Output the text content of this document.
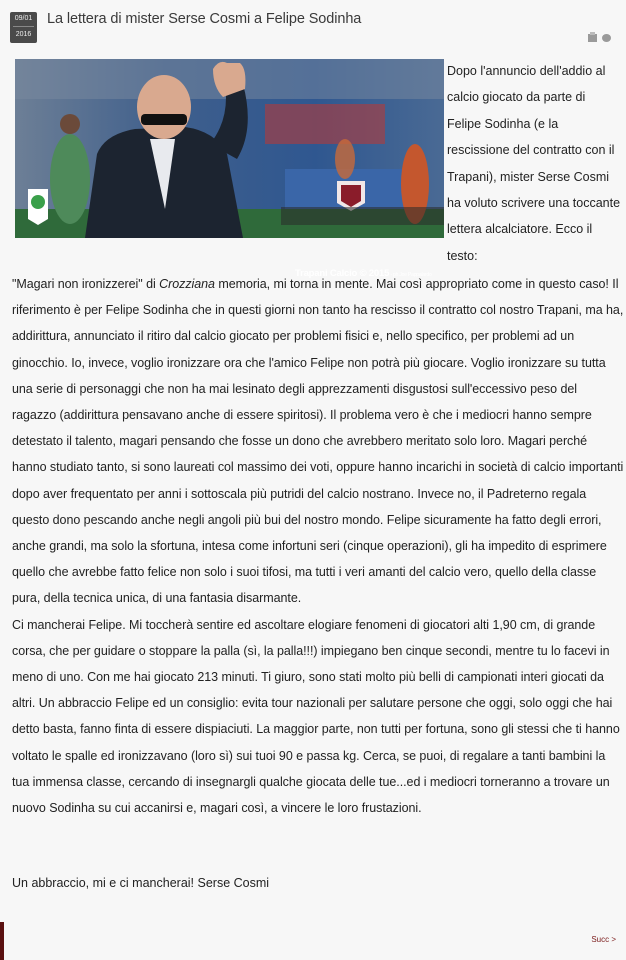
09/01
2016
La lettera di mister Serse Cosmi a Felipe Sodinha
Trapani Calcio © 2015 - ph Joe Pappalardo
Dopo l'annuncio dell'addio al calcio giocato da parte di Felipe Sodinha (e la rescissione del contratto con il Trapani), mister Serse Cosmi ha voluto scrivere una toccante lettera alcalciatore. Ecco il testo:

"Magari non ironizzerei" di Crozziana memoria, mi torna in mente. Mai così appropriato come in questo caso! Il riferimento è per Felipe Sodinha che in questi giorni non tanto ha rescisso il contratto col nostro Trapani, ma ha, addirittura, annunciato il ritiro dal calcio giocato per problemi fisici e, nello specifico, per problemi ad un ginocchio. Io, invece, voglio ironizzare ora che l'amico Felipe non potrà più giocare. Voglio ironizzare su tutta una serie di personaggi che non ha mai lesinato degli apprezzamenti disgustosi sull'eccessivo peso del ragazzo (addirittura pensavano anche di essere spiritosi). Il problema vero è che i mediocri hanno sempre detestato il talento, magari pensando che fosse un dono che avrebbero meritato solo loro. Magari perché hanno studiato tanto, si sono laureati col massimo dei voti, oppure hanno incarichi in società di calcio importanti dopo aver frequentato per anni i sottoscala più putridi del calcio nostrano. Invece no, il Padreterno regala questo dono pescando anche negli angoli più bui del nostro mondo. Felipe sicuramente ha fatto degli errori, anche grandi, ma solo la sfortuna, intesa come infortuni seri (cinque operazioni), gli ha impedito di esprimere quello che avrebbe fatto felice non solo i suoi tifosi, ma tutti i veri amanti del calcio vero, quello della classe pura, della tecnica unica, di una fantasia disarmante.

Ci mancherai Felipe. Mi toccherà sentire ed ascoltare elogiare fenomeni di giocatori alti 1,90 cm, di grande corsa, che per guidare o stoppare la palla (sì, la palla!!!) impiegano ben cinque secondi, mentre tu lo facevi in meno di uno. Con me hai giocato 213 minuti. Ti giuro, sono stati molto più belli di campionati interi giocati da altri. Un abbraccio Felipe ed un consiglio: evita tour nazionali per salutare persone che oggi, solo oggi che hai detto basta, fanno finta di essere dispiaciuti. La maggior parte, non tutti per fortuna, sono gli stessi che ti hanno voltato le spalle ed ironizzavano (loro sì) sui tuoi 90 e passa kg. Cerca, se puoi, di regalare a tanti bambini la tua immensa classe, cercando di insegnargli qualche giocata delle tue...ed i mediocri torneranno a trovare un nuovo Sodinha su cui accanirsi e, magari così, a vincere le loro frustazioni.

Un abbraccio, mi e ci mancherai! Serse Cosmi
Succ >
